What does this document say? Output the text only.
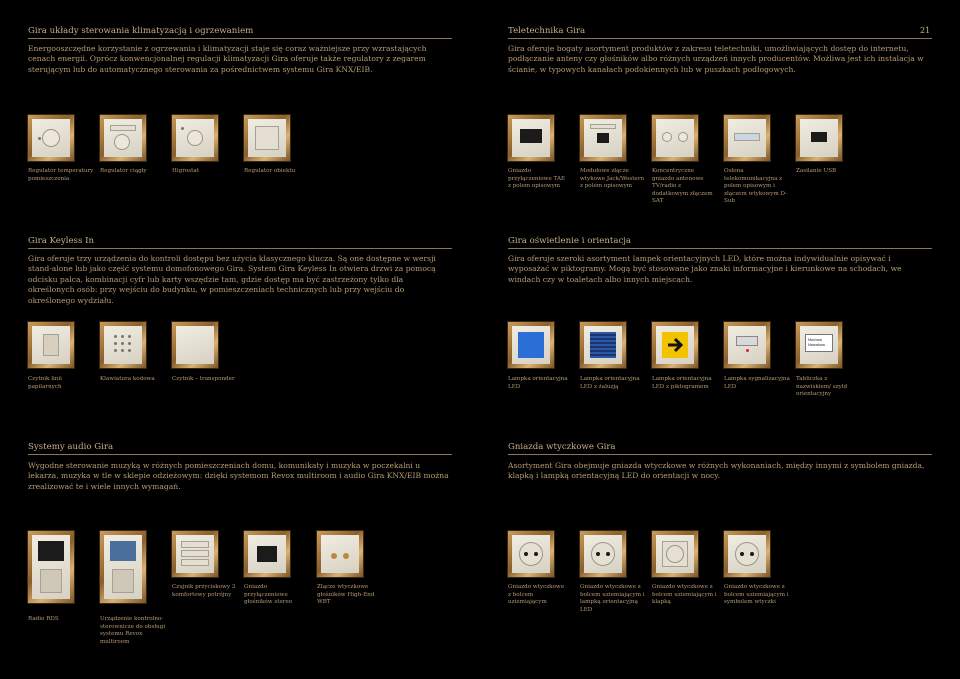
Gira układy sterowania klimatyzacją i ogrzewaniem
Energooszczędne korzystanie z ogrzewania i klimatyzacji staje się coraz ważniejsze przy wzrastających cenach energii. Oprócz konwencjonalnej regulacji klimatyzacji Gira oferuje także regulatory z zegarem sterującym lub do automatycznego sterowania za pośrednictwem systemu Gira KNX/EIB.
Regulator temperatury pomieszczenia
Regulator ciągły	Higrostat	Regulator obiektu
Gira Keyless In
Gira oferuje trzy urządzenia do kontroli dostępu bez użycia klasycznego klucza. Są one dostępne w wersji stand-alone lub jako część systemu domofonowego Gira. System Gira Keyless In otwiera drzwi za pomocą odcisku palca, kombinacji cyfr lub karty wszędzie tam, gdzie dostęp ma być zastrzeżony tylko dla określonych osób: przy wejściu do budynku, w pomieszczeniach technicznych lub przy wejściu do określonego wydziału.
Czytnik linii papilarnych
Klawiatura kodowa	Czytnik – transponder
Systemy audio Gira
Wygodne sterowanie muzyką w różnych pomieszczeniach domu, komunikaty i muzyka w poczekalni u lekarza, muzyka w tle w sklepie odzieżowym: dzięki systemom Revox multiroom i audio Gira KNX/EIB można zrealizować te i wiele innych wymagań.
Radio RDS	Urządzenie kontrolno-sterownicze do obsługi systemu Revox multiroom
Czujnik przyciskowy 3 komfortowy potrójny
Gniazdo przyłączeniowe głośników stereo
Złącze wtyczkowe głośników High-End WBT
Teletechnika Gira	21
Gira oferuje bogaty asortyment produktów z zakresu teletechniki, umożliwiających dostęp do internetu, podłączanie anteny czy głośników albo różnych urządzeń innych producentów. Możliwa jest ich instalacja w ścianie, w typowych kanałach podokiennych lub w puszkach podłogowych.
Gniazdo przyłączeniowe TAE z polem opisowym
Modułowe złącze wtykowe Jack/Western z polem opisowym
Koncentryczne gniazdo antenowe TV/radio z dodatkowym złączem SAT
Osłona telekomunikacyjna z polem opisowym i złączem wtykowym D-Sub
Zasilanie USB
Gira oświetlenie i orientacja
Gira oferuje szeroki asortyment lampek orientacyjnych LED, które można indywidualnie opisywać i wyposażać w piktogramy. Mogą być stosowane jako znaki informacyjne i kierunkowe na schodach, we windach czy w toaletach albo innych miejscach.
Modrow Nowakow
Lampka orientacyjna LED
Lampka orientacyjna LED z żaluzją
Lampka orientacyjna LED z piktogramem
Lampka sygnalizacyjna LED
Tabliczka z nazwiskiem/ szyld orientacyjny
Gniazda wtyczkowe Gira
Asortyment Gira obejmuje gniazda wtyczkowe w różnych wykonaniach, między innymi z symbolem gniazda, klapką i lampką orientacyjną LED do orientacji w nocy.
Gniazdo wtyczkowe z bolcem uziemiającym
Gniazdo wtyczkowe z bolcem uziemiającym i lampką orientacyjną LED
Gniazdo wtyczkowe z bolcem uziemiającym i klapką
Gniazdo wtyczkowe z bolcem uziemiającym i symbolem wtyczki
